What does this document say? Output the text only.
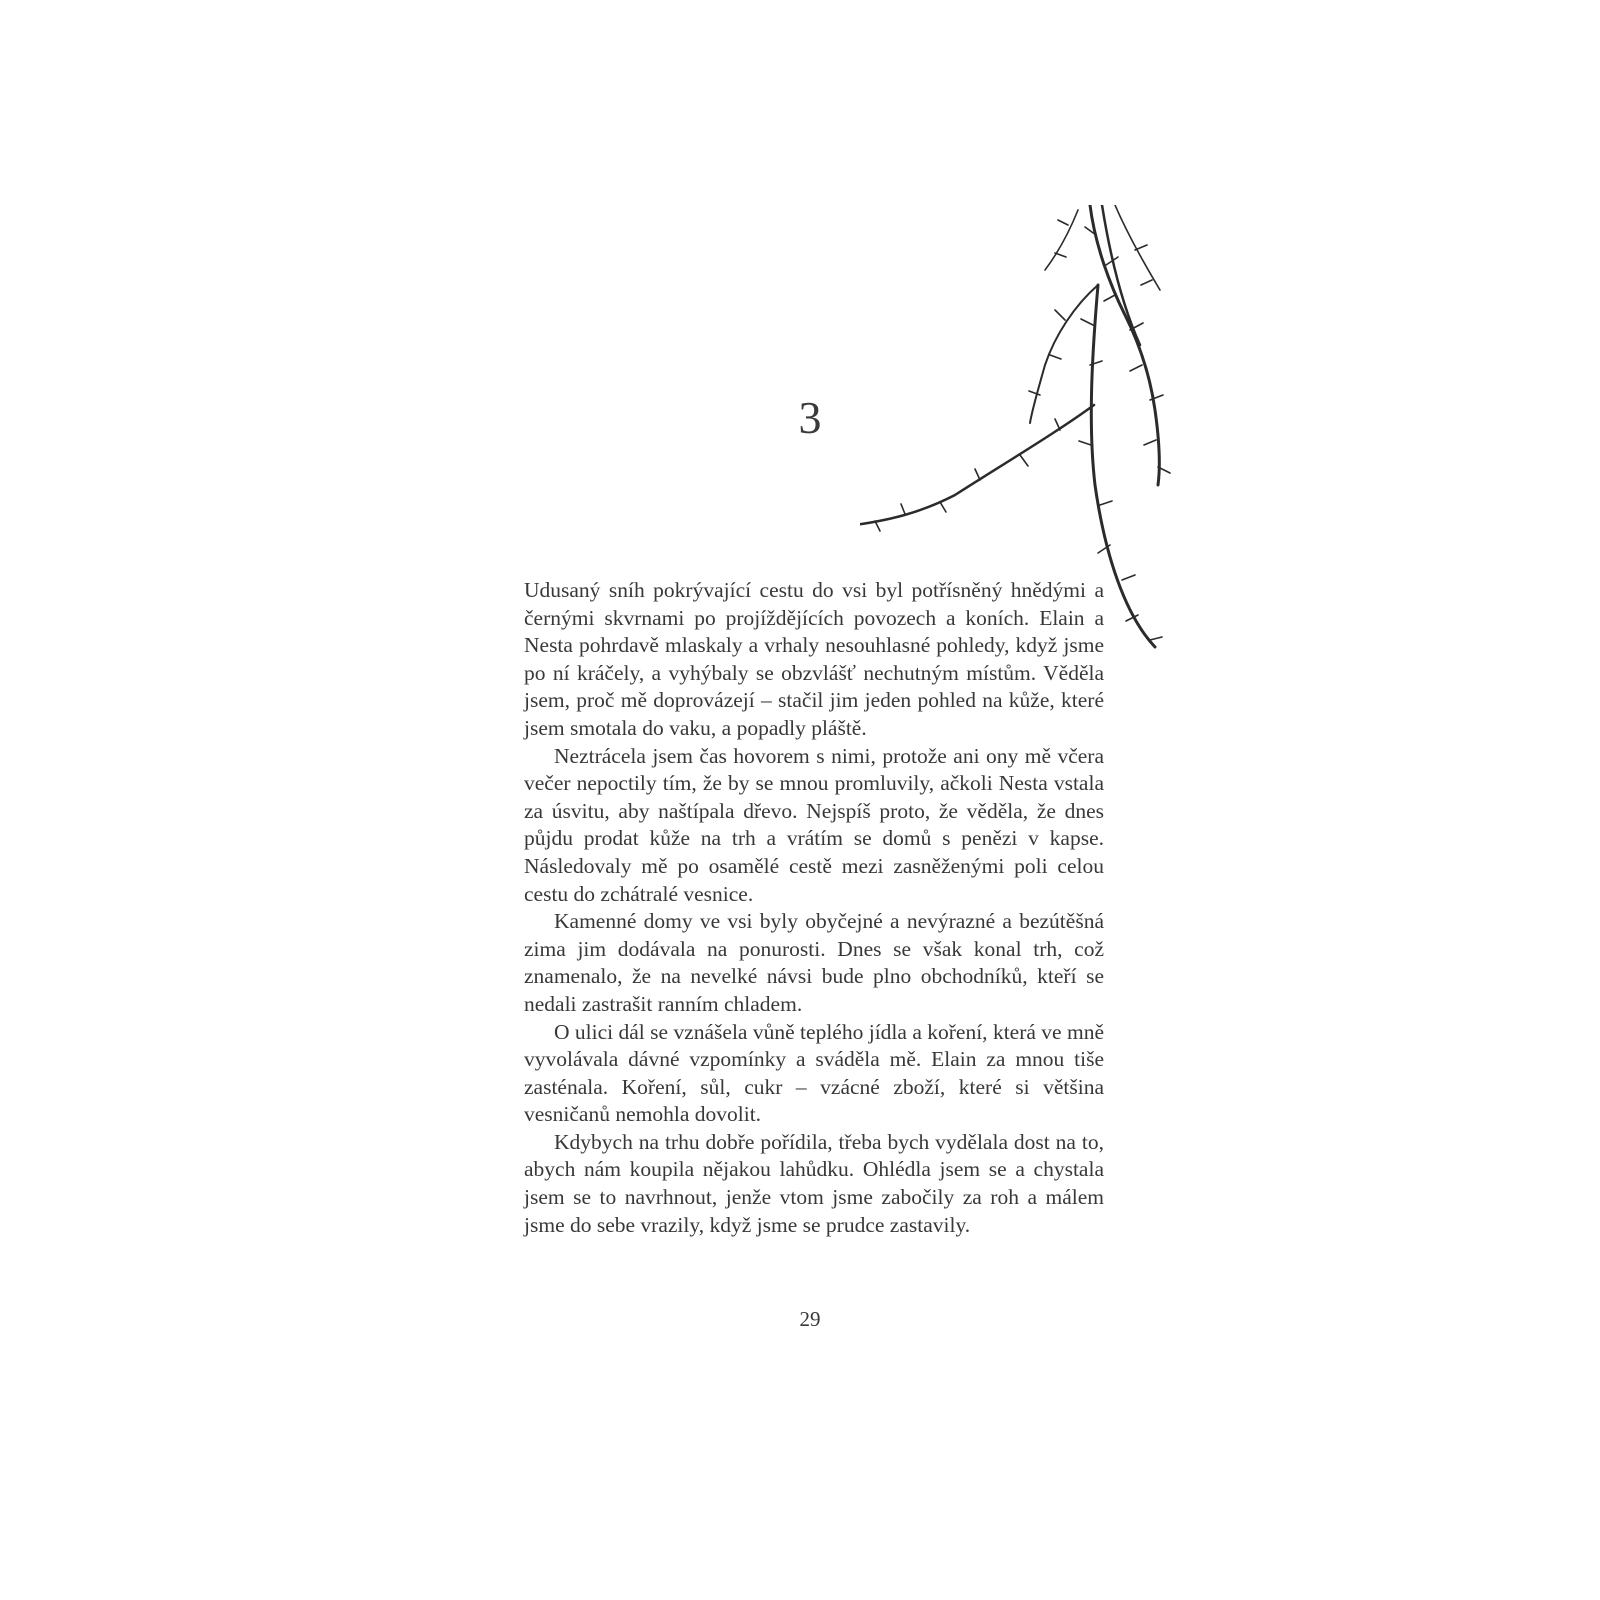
3

Udusaný sníh pokrývající cestu do vsi byl potřísněný hnědými a černými skvrnami po projíždějících povozech a koních. Elain a Nesta pohrdavě mlaskaly a vrhaly nesouhlasné pohledy, když jsme po ní kráčely, a vyhýbaly se obzvlášť nechutným místům. Věděla jsem, proč mě doprovázejí – stačil jim jeden pohled na kůže, které jsem smotala do vaku, a popadly pláště.

Neztrácela jsem čas hovorem s nimi, protože ani ony mě včera večer nepoctily tím, že by se mnou promluvily, ačkoli Nesta vstala za úsvitu, aby naštípala dřevo. Nejspíš proto, že věděla, že dnes půjdu prodat kůže na trh a vrátím se domů s penězi v kapse. Následovaly mě po osamělé cestě mezi zasněženými poli celou cestu do zchátralé vesnice.

Kamenné domy ve vsi byly obyčejné a nevýrazné a bezútěšná zima jim dodávala na ponurosti. Dnes se však konal trh, což znamenalo, že na nevelké návsi bude plno obchodníků, kteří se nedali zastrašit ranním chladem.

O ulici dál se vznášela vůně teplého jídla a koření, která ve mně vyvolávala dávné vzpomínky a sváděla mě. Elain za mnou tiše zasténala. Koření, sůl, cukr – vzácné zboží, které si většina vesničanů nemohla dovolit.

Kdybych na trhu dobře pořídila, třeba bych vydělala dost na to, abych nám koupila nějakou lahůdku. Ohlédla jsem se a chystala jsem se to navrhnout, jenže vtom jsme zabočily za roh a málem jsme do sebe vrazily, když jsme se prudce zastavily.

29
